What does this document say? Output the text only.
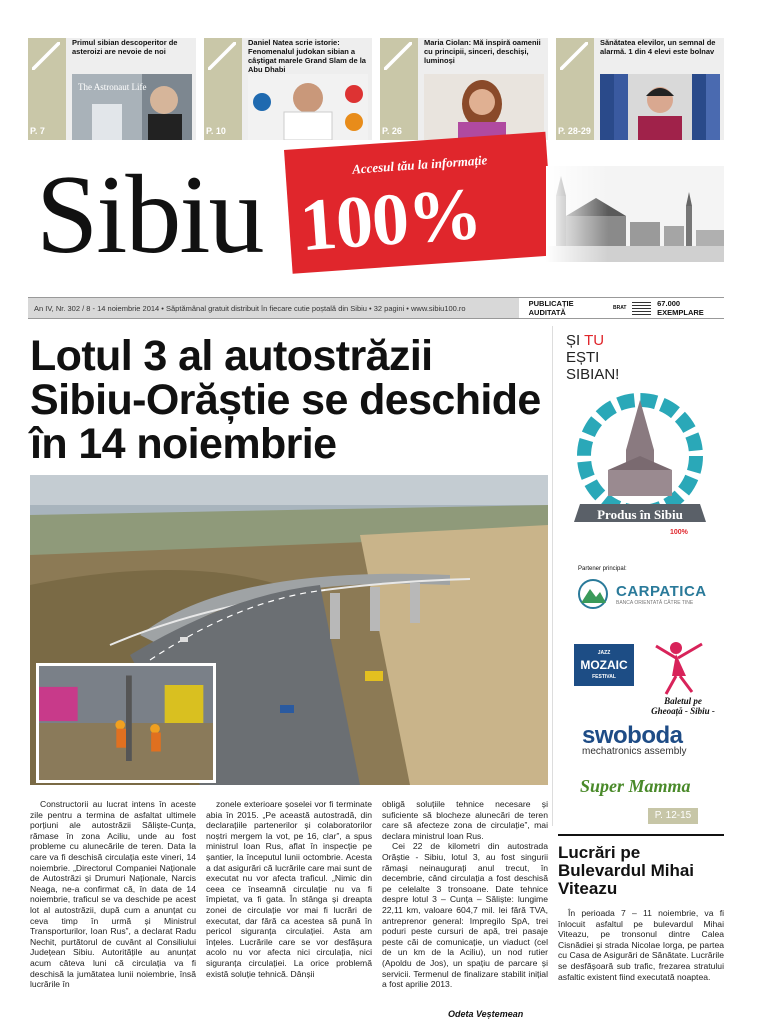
Primul sibian descoperitor de asteroizi are nevoie de noi
The Astronaut Life
P. 7
Daniel Natea scrie istorie: Fenomenalul judokan sibian a câștigat marele Grand Slam de la Abu Dhabi
P. 10
Maria Ciolan: Mă inspiră oamenii cu principii, sinceri, deschiși, luminoși
P. 26
Sănătatea elevilor, un semnal de alarmă. 1 din 4 elevi este bolnav
P. 28-29
Sibiu	Accesul tău la informație
100%
An IV, Nr. 302 / 8 - 14 noiembrie 2014 • Săptămânal gratuit distribuit în fiecare cutie poștală din Sibiu • 32 pagini • www.sibiu100.ro	PUBLICAȚIE AUDITATĂ	BRAT	67.000 EXEMPLARE
Lotul 3 al autostrăzii Sibiu-Orăștie se deschide în 14 noiembrie

Constructorii au lucrat intens în aceste zile pentru a termina de asfaltat ultimele porțiuni ale autostrăzii Săliște-Cunța, rămase în zona Aciliu, unde au fost probleme cu alunecările de teren. Data la care va fi deschisă circulația este vineri, 14 noiembrie. „Directorul Companiei Naționale de Autostrăzi și Drumuri Naționale, Narcis Neaga, ne-a confirmat că, în data de 14 noiembrie, traficul se va deschide pe acest lot al autostrăzii, după cum a anunțat cu ceva timp în urmă și Ministrul Transporturilor, Ioan Rus”, a declarat Radu Nechit, purtătorul de cuvânt al Consiliului Județean Sibiu. Autoritățile au anunțat acum câteva luni că circulația va fi deschisă la jumătatea lunii noiembrie, însă lucrările în

zonele exterioare șoselei vor fi terminate abia în 2015. „Pe această autostradă, din declarațiile partenerilor și colaboratorilor noștri mergem la vot, pe 16, clar”, a spus ministrul Ioan Rus, aflat în inspecție pe șantier, la începutul lunii octombrie. Acesta a dat asigurări că lucrările care mai sunt de executat nu vor afecta traficul. „Nimic din ceea ce înseamnă circulație nu va fi împietat, va fi gata. În stânga și dreapta zonei de circulație vor mai fi lucrări de executat, dar fără ca acestea să pună în pericol siguranța circulației. Asta am înțeles. Lucrările care se vor desfășura acolo nu vor afecta nici circulația, nici siguranța circulației. La orice problemă există soluție tehnică. Dânșii

obligă soluțiile tehnice necesare și suficiente să blocheze alunecări de teren care să afecteze zona de circulație”, mai declara ministrul Ioan Rus.

Cei 22 de kilometri din autostrada Orăștie - Sibiu, lotul 3, au fost singurii rămași neinaugurați anul trecut, în decembrie, când circulația a fost deschisă pe celelalte 3 tronsoane. Date tehnice despre lotul 3 – Cunța – Săliște: lungime 22,11 km, valoare 604,7 mil. lei fără TVA, antreprenor general: Impregilo SpA, trei poduri peste cursuri de apă, trei pasaje peste căi de comunicație, un viaduct (cel de un km de la Aciliu), un nod rutier (Apoldu de Jos), un spațiu de parcare și servicii. Termenul de finalizare stabilit inițial a fost aprilie 2013.

Odeta Veștemean
ȘI TU
EȘTI
SIBIAN!
Produs în Sibiu
100%
Partener principal:
CARPATICA
BANCA ORIENTATĂ CĂTRE TINE
JAZZ
MOZAIC
FESTIVAL
Baletul pe Gheoață - Sibiu -
swoboda
mechatronics assembly
Super Mamma
P. 12-15
Lucrări pe Bulevardul Mihai Viteazu
În perioada 7 – 11 noiembrie, va fi înlocuit asfaltul pe bulevardul Mihai Viteazu, pe tronsonul dintre Calea Cisnădiei și strada Nicolae Iorga, pe partea cu Casa de Asigurări de Sănătate. Lucrările se desfășoară sub trafic, frezarea stratului asfaltic existent fiind executată noaptea.
